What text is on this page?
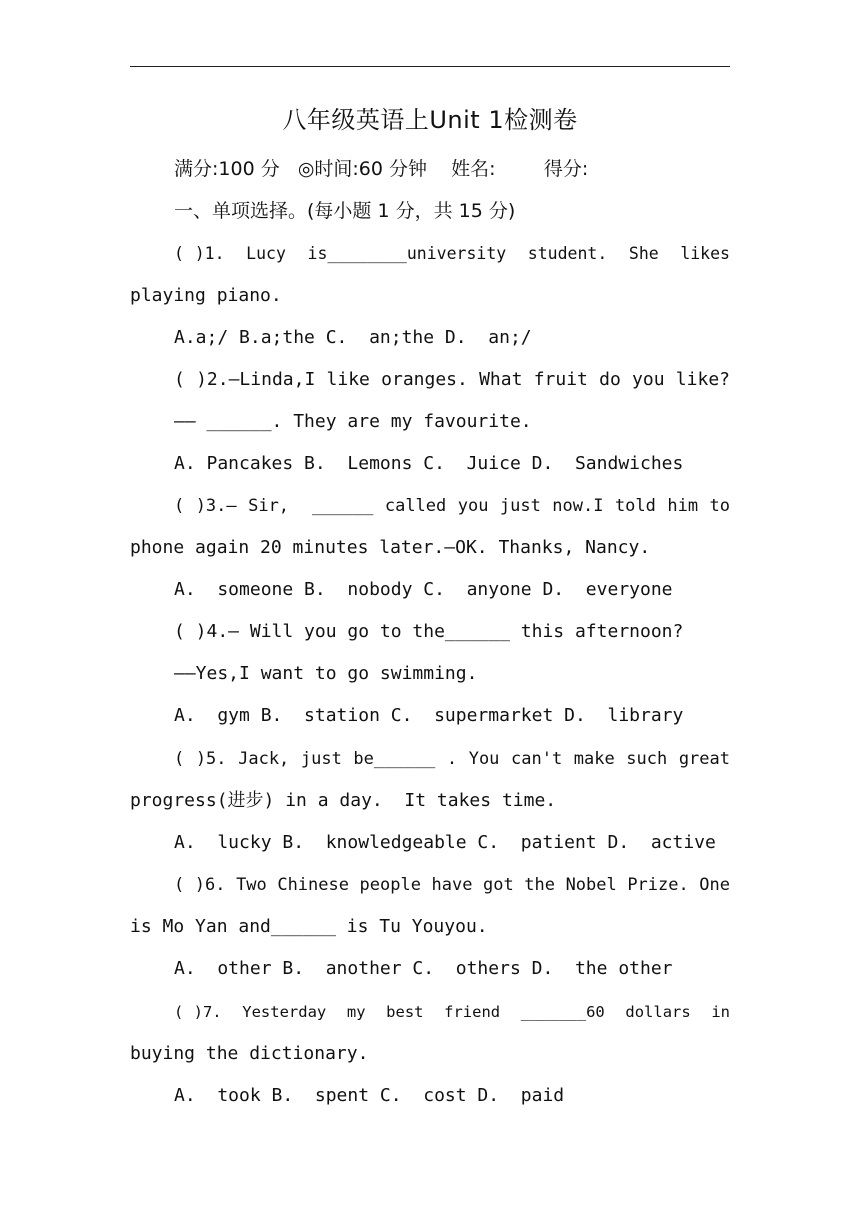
八年级英语上Unit 1检测卷
满分:100 分   ◎时间:60 分钟    姓名:        得分:
一、单项选择。(每小题 1 分，共 15 分)
( )1.  Lucy  is________university  student.  She  likes
playing piano.
A.a;/ B.a;the C.  an;the D.  an;/
( )2.—Linda,I like oranges. What fruit do you like?
—— ______. They are my favourite.
A. Pancakes B.  Lemons C.  Juice D.  Sandwiches
( )3.— Sir,  ______ called you just now.I told him to
phone again 20 minutes later.—OK. Thanks, Nancy.
A.  someone B.  nobody C.  anyone D.  everyone
( )4.— Will you go to the______ this afternoon?
——Yes,I want to go swimming.
A.  gym B.  station C.  supermarket D.  library
( )5. Jack, just be______ . You can't make such great
progress(进步) in a day.  It takes time.
A.  lucky B.  knowledgeable C.  patient D.  active
( )6. Two Chinese people have got the Nobel Prize. One
is Mo Yan and______ is Tu Youyou.
A.  other B.  another C.  others D.  the other
( )7.  Yesterday  my  best  friend  _______60  dollars  in
buying the dictionary.
A.  took B.  spent C.  cost D.  paid
